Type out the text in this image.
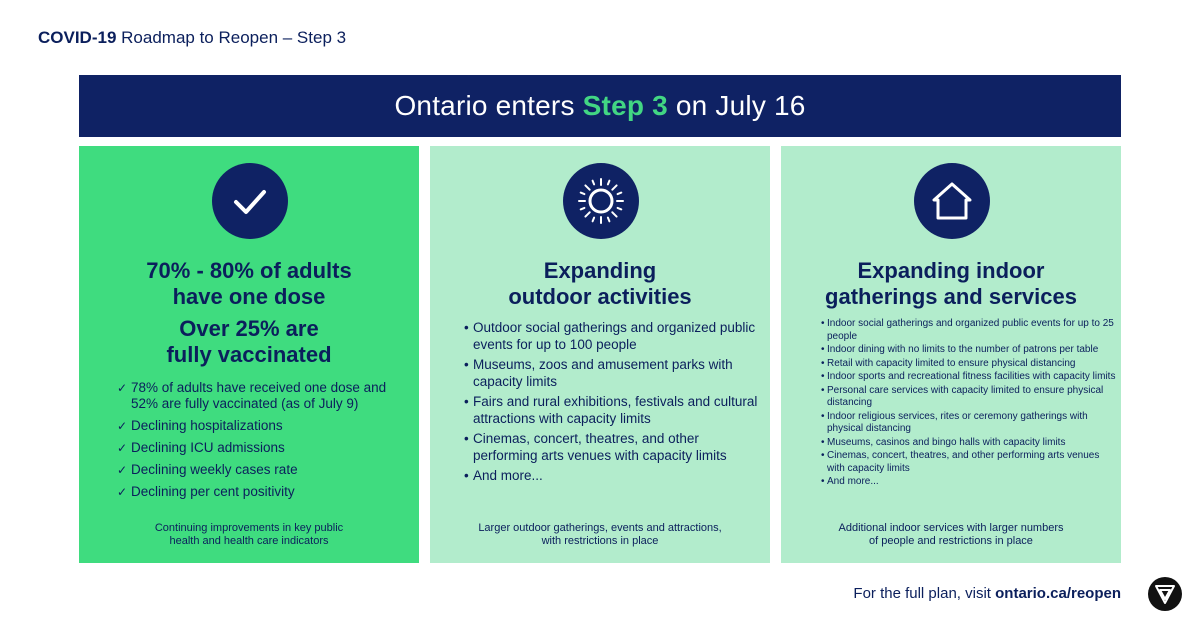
COVID-19 Roadmap to Reopen – Step 3
Ontario enters Step 3 on July 16
70% - 80% of adults
have one dose
Over 25% are
fully vaccinated
✓ 78% of adults have received one dose and 52% are fully vaccinated (as of July 9)
✓ Declining hospitalizations
✓ Declining ICU admissions
✓ Declining weekly cases rate
✓ Declining per cent positivity
Continuing improvements in key public
health and health care indicators
Expanding
outdoor activities
• Outdoor social gatherings and organized public events for up to 100 people
• Museums, zoos and amusement parks with capacity limits
• Fairs and rural exhibitions, festivals and cultural attractions with capacity limits
• Cinemas, concert, theatres, and other performing arts venues with capacity limits
• And more...
Larger outdoor gatherings, events and attractions,
with restrictions in place
Expanding indoor
gatherings and services
• Indoor social gatherings and organized public events for up to 25 people
• Indoor dining with no limits to the number of patrons per table
• Retail with capacity limited to ensure physical distancing
• Indoor sports and recreational fitness facilities with capacity limits
• Personal care services with capacity limited to ensure physical distancing
• Indoor religious services, rites or ceremony gatherings with physical distancing
• Museums, casinos and bingo halls with capacity limits
• Cinemas, concert, theatres, and other performing arts venues with capacity limits
• And more...
Additional indoor services with larger numbers
of people and restrictions in place
For the full plan, visit ontario.ca/reopen
